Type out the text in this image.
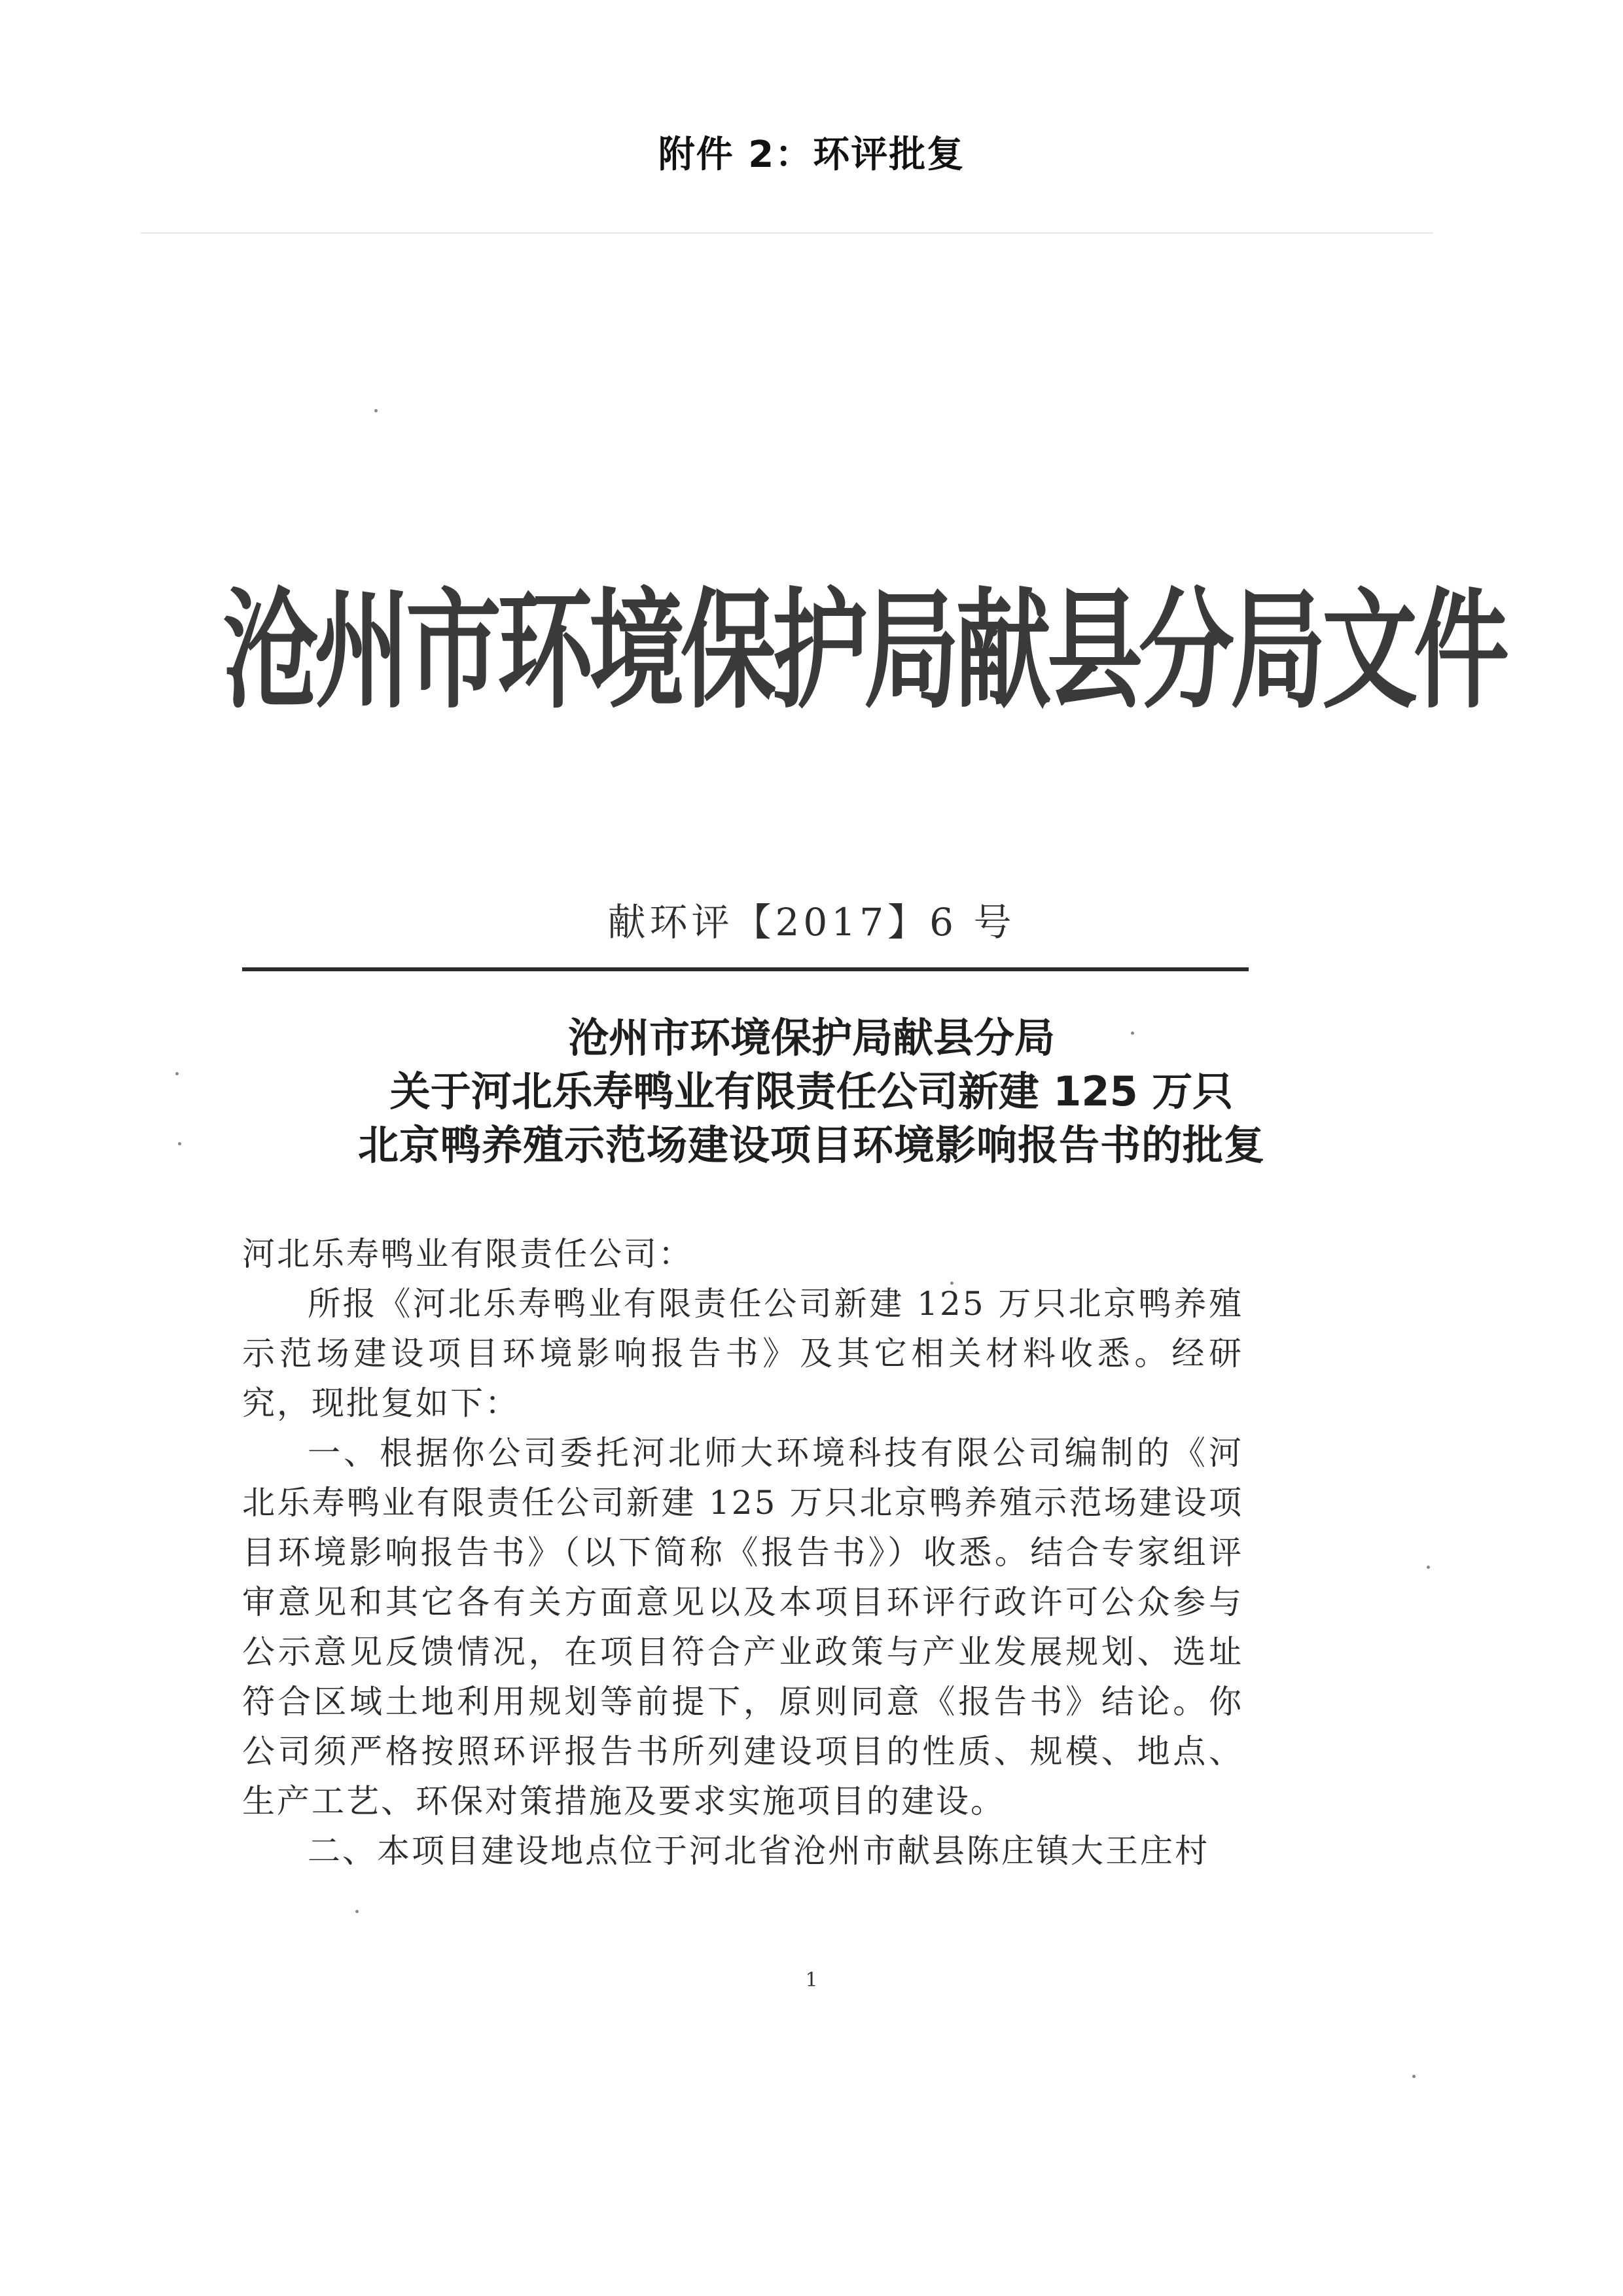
附件 2：环评批复
沧州市环境保护局献县分局文件
献环评【2017】6 号
沧州市环境保护局献县分局
关于河北乐寿鸭业有限责任公司新建 125 万只
北京鸭养殖示范场建设项目环境影响报告书的批复

河北乐寿鸭业有限责任公司：

所报《河北乐寿鸭业有限责任公司新建 125 万只北京鸭养殖示范场建设项目环境影响报告书》及其它相关材料收悉。经研究，现批复如下：

一、根据你公司委托河北师大环境科技有限公司编制的《河北乐寿鸭业有限责任公司新建 125 万只北京鸭养殖示范场建设项目环境影响报告书》（以下简称《报告书》）收悉。结合专家组评审意见和其它各有关方面意见以及本项目环评行政许可公众参与公示意见反馈情况，在项目符合产业政策与产业发展规划、选址符合区域土地利用规划等前提下，原则同意《报告书》结论。你公司须严格按照环评报告书所列建设项目的性质、规模、地点、生产工艺、环保对策措施及要求实施项目的建设。

二、本项目建设地点位于河北省沧州市献县陈庄镇大王庄村

1
